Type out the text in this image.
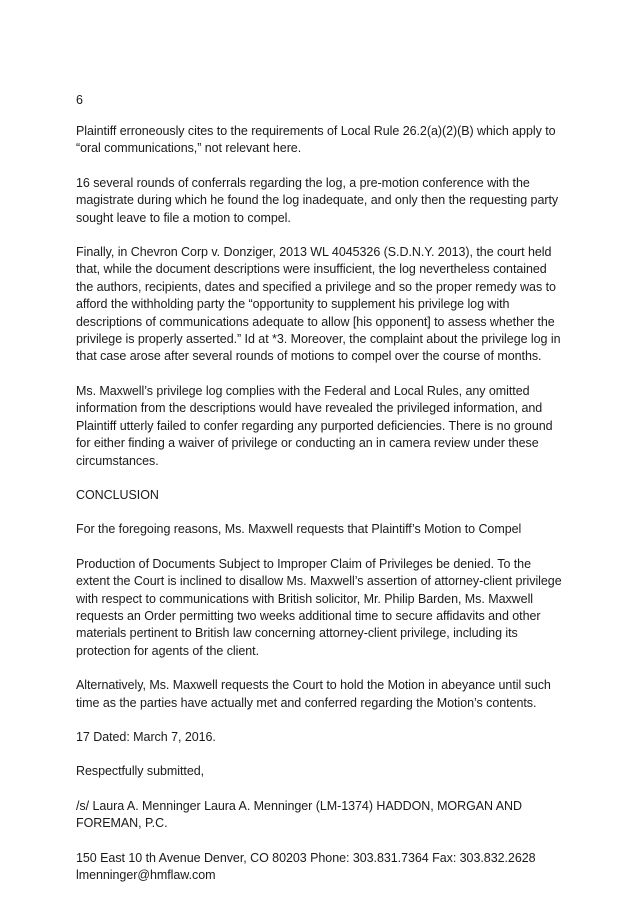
6

Plaintiff erroneously cites to the requirements of Local Rule 26.2(a)(2)(B) which apply to “oral communications,” not relevant here.

16 several rounds of conferrals regarding the log, a pre-motion conference with the magistrate during which he found the log inadequate, and only then the requesting party sought leave to file a motion to compel.

Finally, in Chevron Corp v. Donziger, 2013 WL 4045326 (S.D.N.Y. 2013), the court held that, while the document descriptions were insufficient, the log nevertheless contained the authors, recipients, dates and specified a privilege and so the proper remedy was to afford the withholding party the “opportunity to supplement his privilege log with descriptions of communications adequate to allow [his opponent] to assess whether the privilege is properly asserted.” Id at *3. Moreover, the complaint about the privilege log in that case arose after several rounds of motions to compel over the course of months.

Ms. Maxwell’s privilege log complies with the Federal and Local Rules, any omitted information from the descriptions would have revealed the privileged information, and Plaintiff utterly failed to confer regarding any purported deficiencies. There is no ground for either finding a waiver of privilege or conducting an in camera review under these circumstances.

CONCLUSION

For the foregoing reasons, Ms. Maxwell requests that Plaintiff’s Motion to Compel

Production of Documents Subject to Improper Claim of Privileges be denied. To the extent the Court is inclined to disallow Ms. Maxwell’s assertion of attorney-client privilege with respect to communications with British solicitor, Mr. Philip Barden, Ms. Maxwell requests an Order permitting two weeks additional time to secure affidavits and other materials pertinent to British law concerning attorney-client privilege, including its protection for agents of the client.

Alternatively, Ms. Maxwell requests the Court to hold the Motion in abeyance until such time as the parties have actually met and conferred regarding the Motion’s contents.

17 Dated: March 7, 2016.

Respectfully submitted,

/s/ Laura A. Menninger Laura A. Menninger (LM-1374) HADDON, MORGAN AND FOREMAN, P.C.

150 East 10 th Avenue Denver, CO 80203 Phone: 303.831.7364 Fax: 303.832.2628 lmenninger@hmflaw.com
